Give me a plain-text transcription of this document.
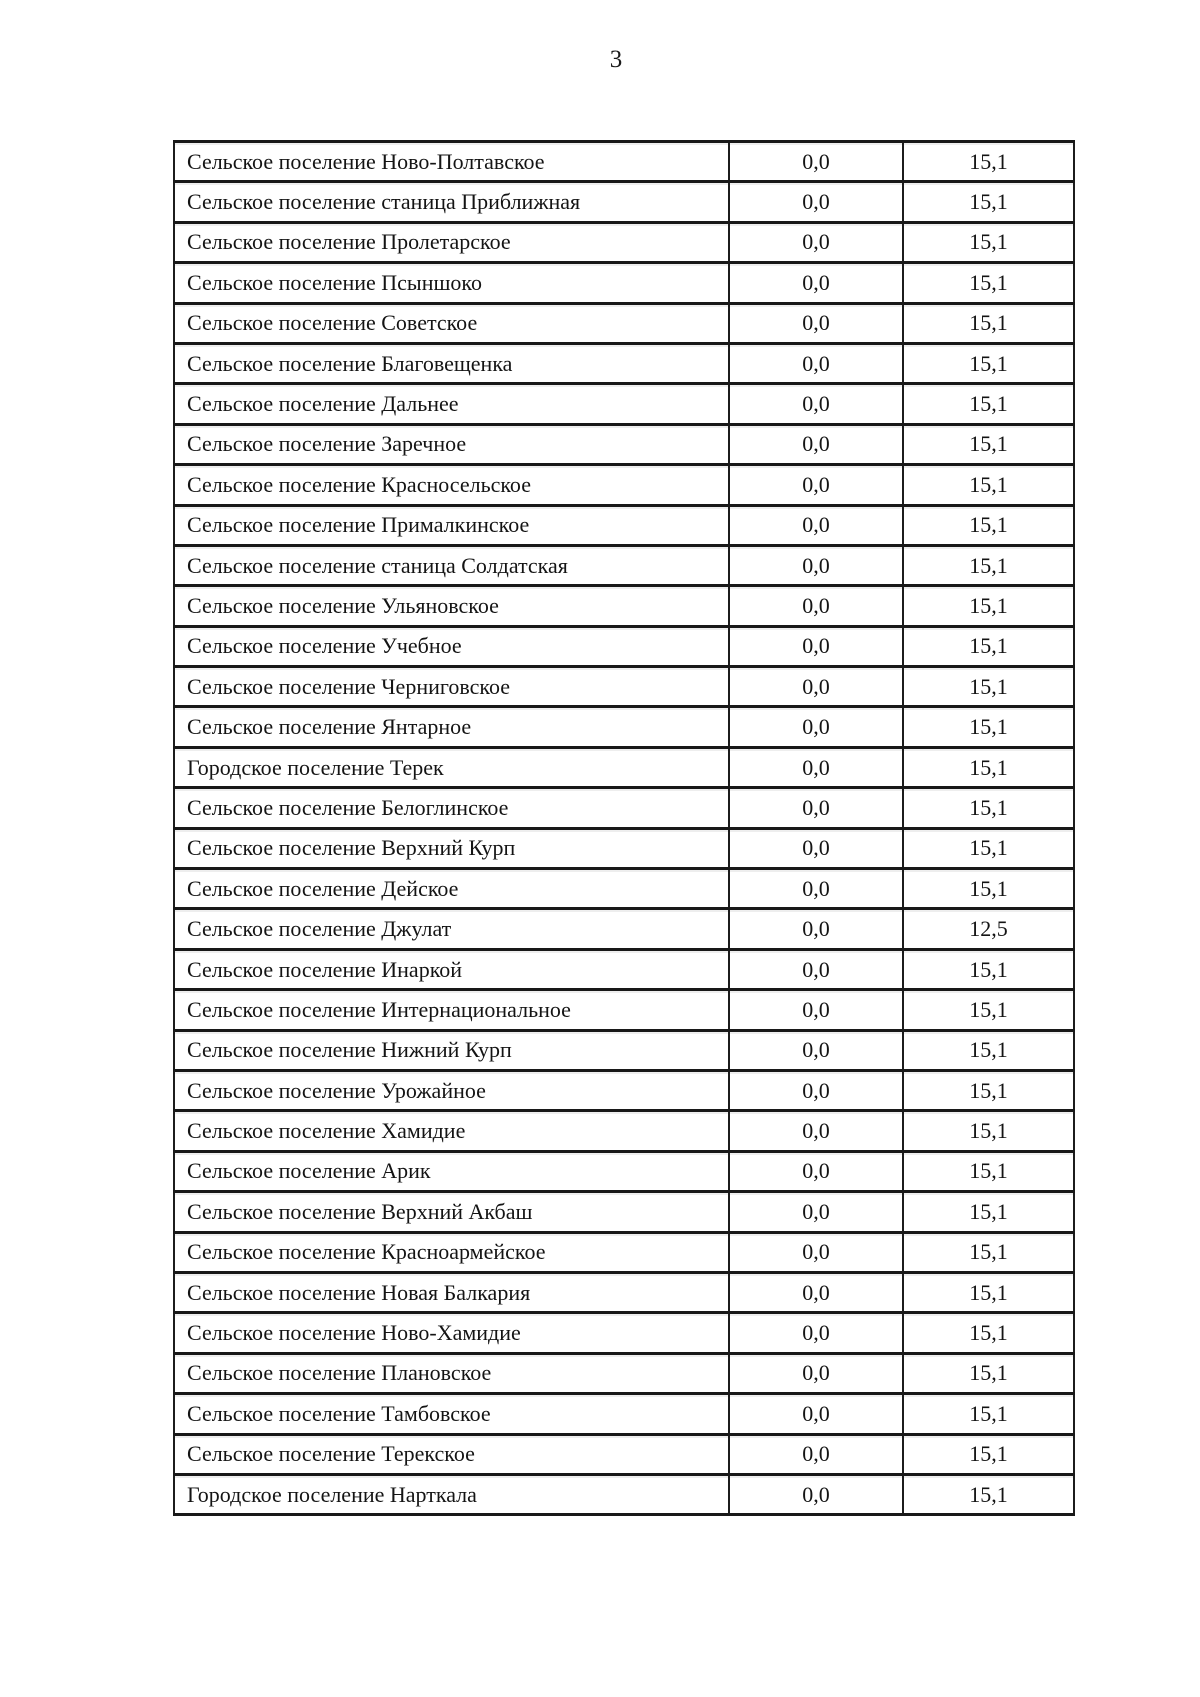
3
Сельское поселение Ново-Полтавское	0,0	15,1
Сельское поселение станица Приближная	0,0	15,1
Сельское поселение Пролетарское	0,0	15,1
Сельское поселение Псыншоко	0,0	15,1
Сельское поселение Советское	0,0	15,1
Сельское поселение Благовещенка	0,0	15,1
Сельское поселение Дальнее	0,0	15,1
Сельское поселение Заречное	0,0	15,1
Сельское поселение Красносельское	0,0	15,1
Сельское поселение Прималкинское	0,0	15,1
Сельское поселение станица Солдатская	0,0	15,1
Сельское поселение Ульяновское	0,0	15,1
Сельское поселение Учебное	0,0	15,1
Сельское поселение Черниговское	0,0	15,1
Сельское поселение Янтарное	0,0	15,1
Городское поселение Терек	0,0	15,1
Сельское поселение Белоглинское	0,0	15,1
Сельское поселение Верхний Курп	0,0	15,1
Сельское поселение Дейское	0,0	15,1
Сельское поселение Джулат	0,0	12,5
Сельское поселение Инаркой	0,0	15,1
Сельское поселение Интернациональное	0,0	15,1
Сельское поселение Нижний Курп	0,0	15,1
Сельское поселение Урожайное	0,0	15,1
Сельское поселение Хамидие	0,0	15,1
Сельское поселение Арик	0,0	15,1
Сельское поселение Верхний Акбаш	0,0	15,1
Сельское поселение Красноармейское	0,0	15,1
Сельское поселение Новая Балкария	0,0	15,1
Сельское поселение Ново-Хамидие	0,0	15,1
Сельское поселение Плановское	0,0	15,1
Сельское поселение Тамбовское	0,0	15,1
Сельское поселение Терекское	0,0	15,1
Городское поселение Нарткала	0,0	15,1
